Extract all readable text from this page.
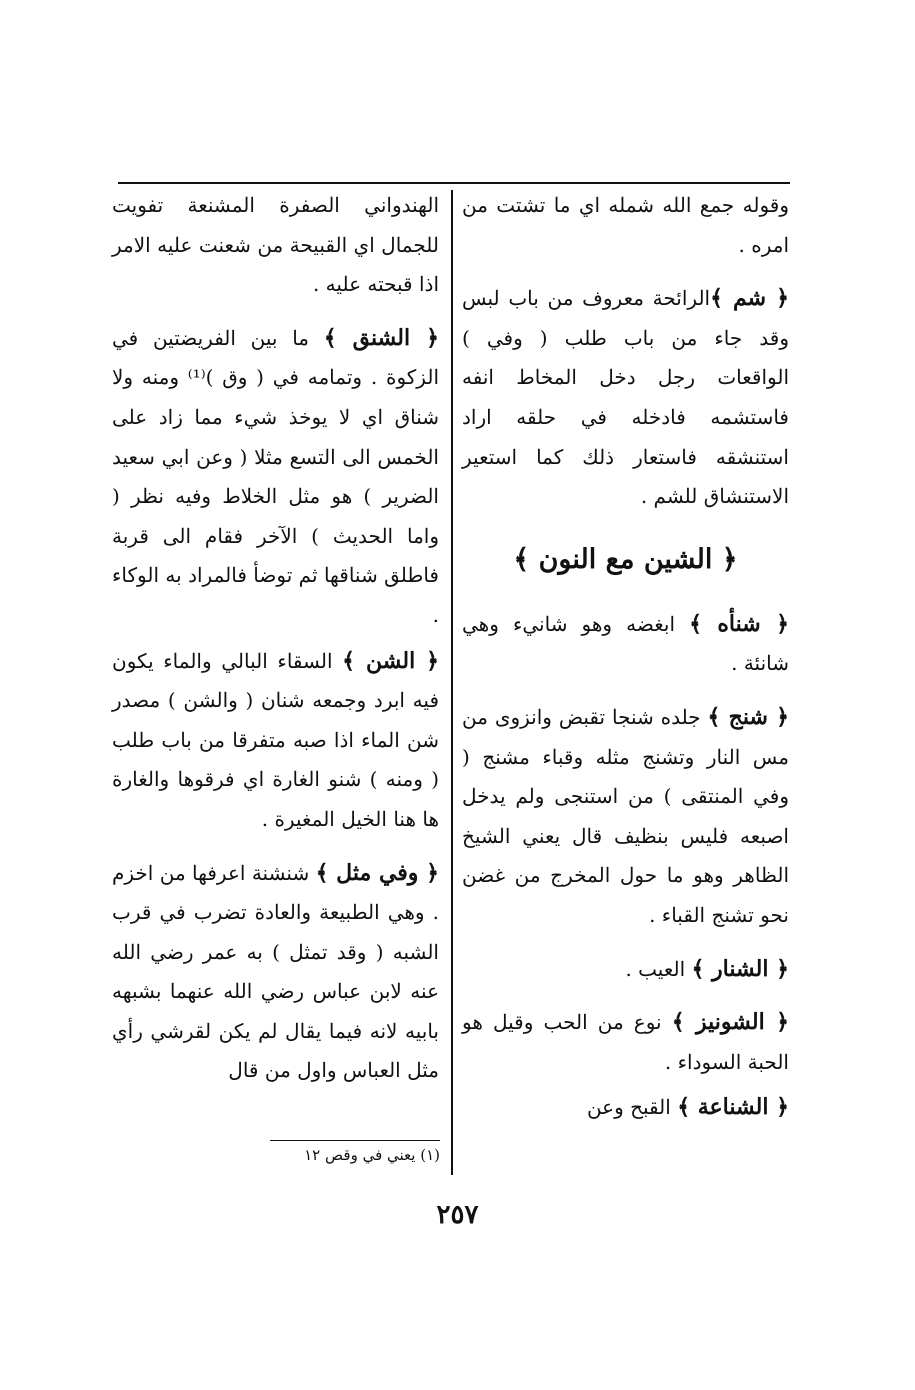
وقوله جمع الله شمله اي ما تشتت من امره .

﴿ شم ﴾الرائحة معروف من باب لبس وقد جاء من باب طلب ( وفي ) الواقعات رجل دخل المخاط انفه فاستشمه فادخله في حلقه اراد استنشقه فاستعار ذلك كما استعير الاستنشاق للشم .

﴿ الشين مع النون ﴾

﴿ شنأه ﴾ ابغضه وهو شانيء وهي شانئة .

﴿ شنج ﴾ جلده شنجا تقبض وانزوى من مس النار وتشنج مثله وقباء مشنج ( وفي المنتقى ) من استنجى ولم يدخل اصبعه فليس بنظيف قال يعني الشيخ الظاهر وهو ما حول المخرج من غضن نحو تشنج القباء .

﴿ الشنار ﴾ العيب .

﴿ الشونيز ﴾ نوع من الحب وقيل هو الحبة السوداء .

﴿ الشناعة ﴾ القبح وعن

الهندواني الصفرة المشنعة تفويت للجمال اي القبيحة من شعنت عليه الامر اذا قبحته عليه .

﴿ الشنق ﴾ ما بين الفريضتين في الزكوة . وتمامه في ( وق )⁽¹⁾ ومنه ولا شناق اي لا يوخذ شيء مما زاد على الخمس الى التسع مثلا ( وعن ابي سعيد الضرير ) هو مثل الخلاط وفيه نظر ( واما الحديث ) الآخر فقام الى قربة فاطلق شناقها ثم توضأ فالمراد به الوكاء .

﴿ الشن ﴾ السقاء البالي والماء يكون فيه ابرد وجمعه شنان ( والشن ) مصدر شن الماء اذا صبه متفرقا من باب طلب ( ومنه ) شنو الغارة اي فرقوها والغارة ها هنا الخيل المغيرة .

﴿ وفي مثل ﴾ شنشنة اعرفها من اخزم . وهي الطبيعة والعادة تضرب في قرب الشبه ( وقد تمثل ) به عمر رضي الله عنه لابن عباس رضي الله عنهما بشبهه بابيه لانه فيما يقال لم يكن لقرشي رأي مثل العباس واول من قال

(١) يعني في وقص ١٢
٢٥٧
